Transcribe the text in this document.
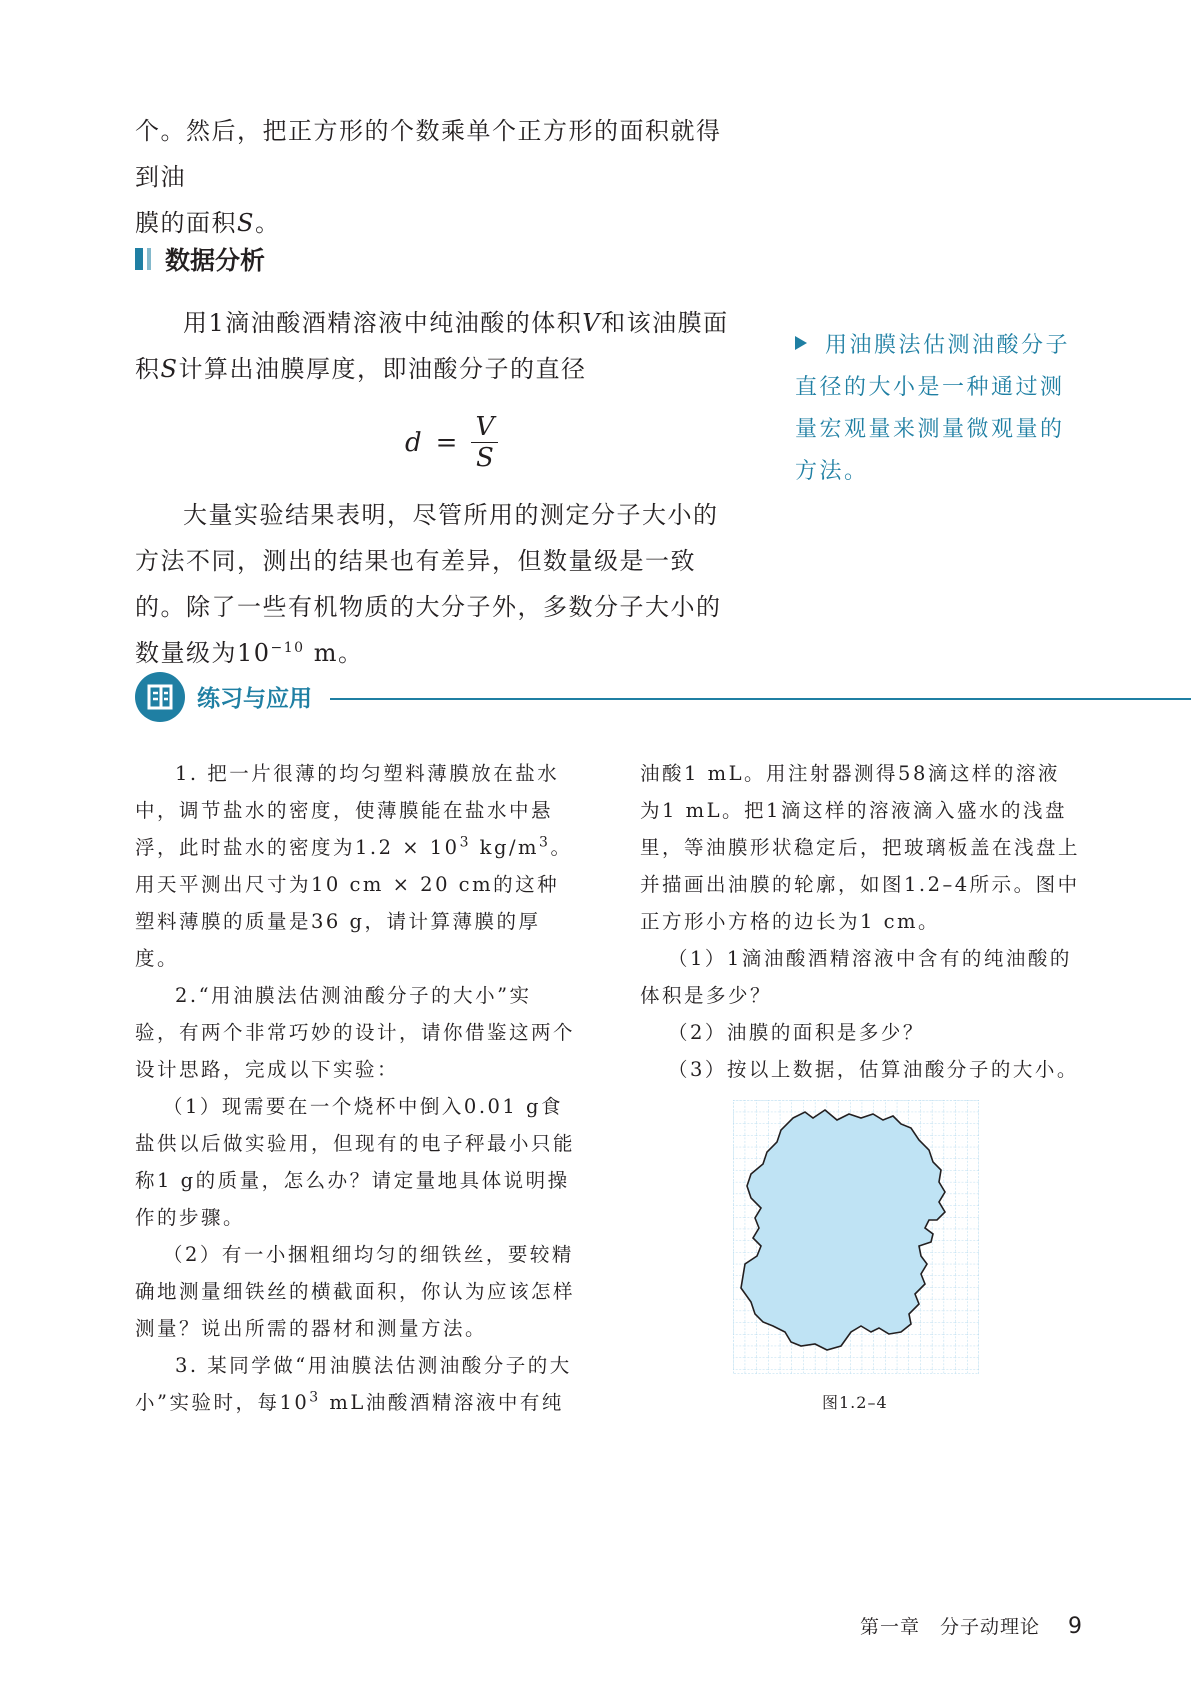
个。然后，把正方形的个数乘单个正方形的面积就得到油

膜的面积S。

数据分析

用1滴油酸酒精溶液中纯油酸的体积V和该油膜面积S计算出油膜厚度，即油酸分子的直径

$d = \frac{V}{S}$

大量实验结果表明，尽管所用的测定分子大小的方法不同，测出的结果也有差异，但数量级是一致的。除了一些有机物质的大分子外，多数分子大小的数量级为$10^{-10}$ m。

用油膜法估测油酸分子直径的大小是一种通过测量宏观量来测量微观量的方法。
练习与应用

1. 把一片很薄的均匀塑料薄膜放在盐水中，调节盐水的密度，使薄膜能在盐水中悬浮，此时盐水的密度为$1.2 \times 10^3$ $kg/m^3$。用天平测出尺寸为10 cm × 20 cm的这种塑料薄膜的质量是36 g，请计算薄膜的厚度。

2.“用油膜法估测油酸分子的大小”实验，有两个非常巧妙的设计，请你借鉴这两个设计思路，完成以下实验：

（1）现需要在一个烧杯中倒入0.01 g食盐供以后做实验用，但现有的电子秤最小只能称1 g的质量，怎么办？请定量地具体说明操作的步骤。

（2）有一小捆粗细均匀的细铁丝，要较精确地测量细铁丝的横截面积，你认为应该怎样测量？说出所需的器材和测量方法。

3. 某同学做“用油膜法估测油酸分子的大小”实验时，每$10^3$ mL油酸酒精溶液中有纯

油酸1 mL。用注射器测得58滴这样的溶液为1 mL。把1滴这样的溶液滴入盛水的浅盘里，等油膜形状稳定后，把玻璃板盖在浅盘上并描画出油膜的轮廓，如图1.2–4所示。图中正方形小方格的边长为1 cm。

（1）1滴油酸酒精溶液中含有的纯油酸的体积是多少？

（2）油膜的面积是多少？

（3）按以上数据，估算油酸分子的大小。

图1.2–4
第一章　分子动理论 9
